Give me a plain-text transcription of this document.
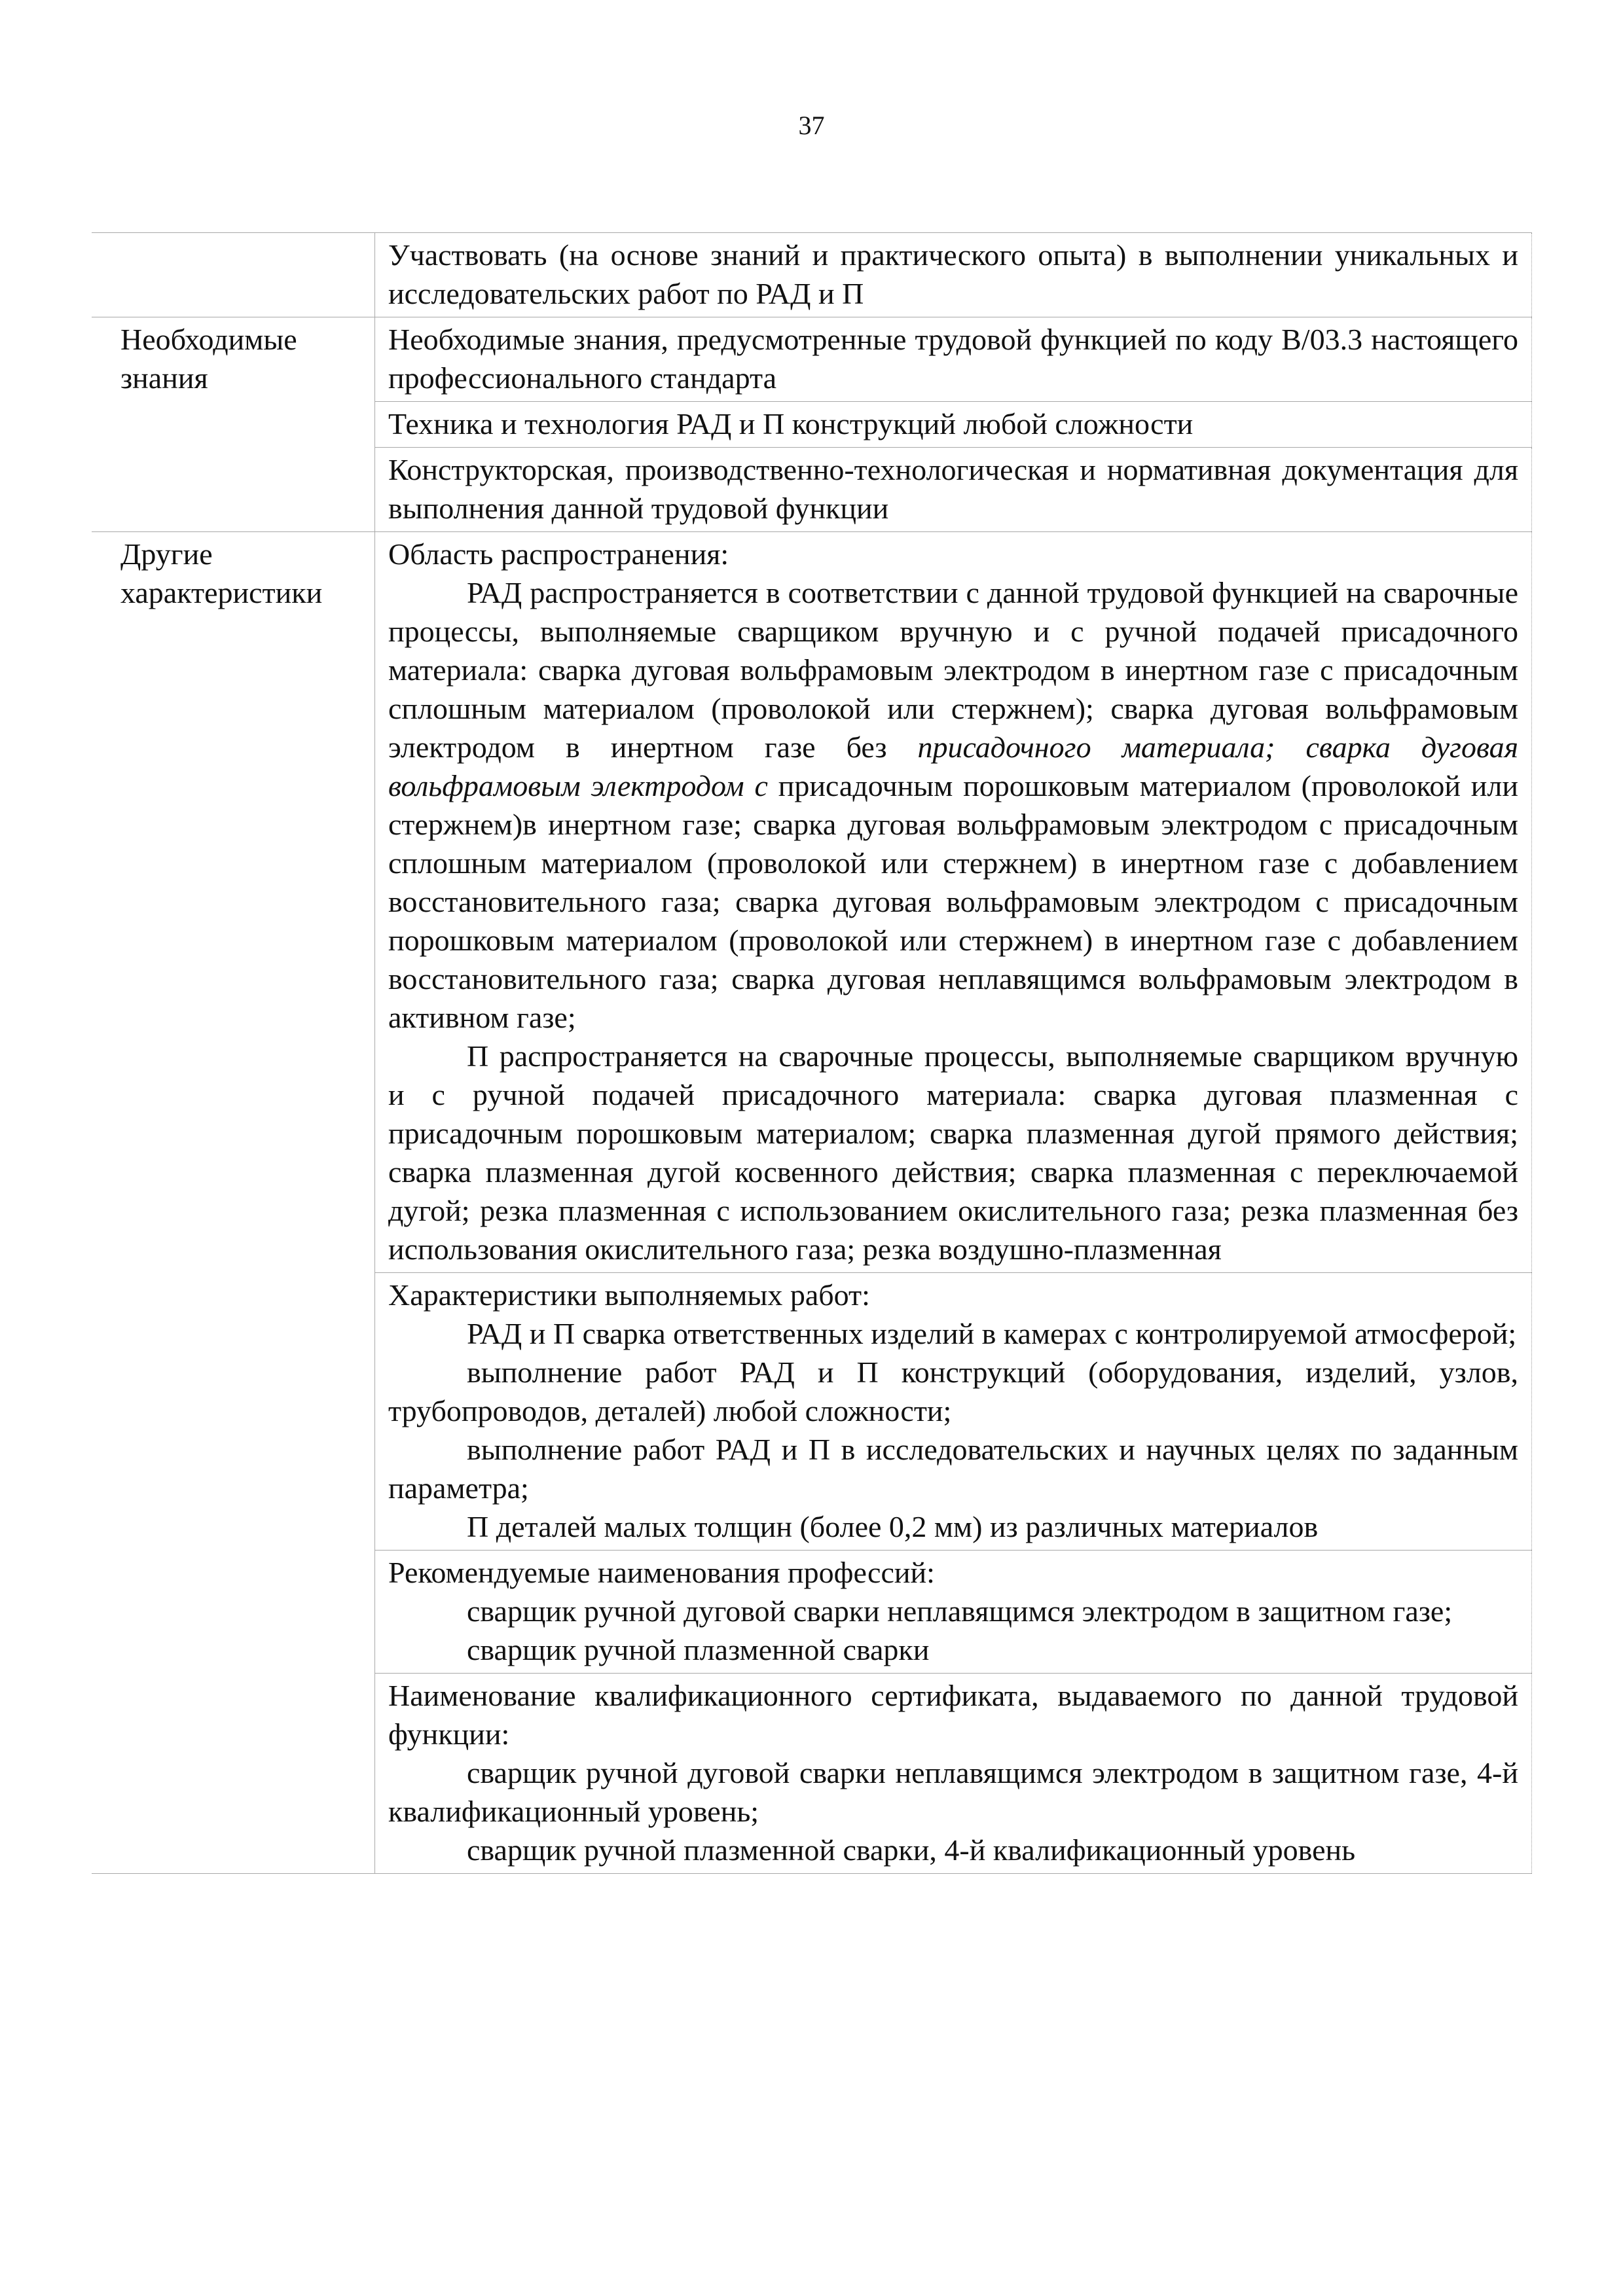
37

	Участвовать (на основе знаний и практического опыта) в выполнении уникальных и исследовательских работ по РАД и П

Необходимые знания	Необходимые знания, предусмотренные трудовой функцией по коду В/03.3 настоящего профессионального стандарта

	Техника и технология РАД и П конструкций любой сложности

	Конструкторская, производственно-технологическая и нормативная документация для выполнения данной трудовой функции

Другие характеристики	Область распространения:

РАД распространяется в соответствии с данной трудовой функцией на сварочные процессы, выполняемые сварщиком вручную и с ручной подачей присадочного материала: сварка дуговая вольфрамовым электродом в инертном газе с присадочным сплошным материалом (проволокой или стержнем); сварка дуговая вольфрамовым электродом в инертном газе без присадочного материала; сварка дуговая вольфрамовым электродом с присадочным порошковым материалом (проволокой или стержнем)в инертном газе; сварка дуговая вольфрамовым электродом с присадочным сплошным материалом (проволокой или стержнем) в инертном газе с добавлением восстановительного газа; сварка дуговая вольфрамовым электродом с присадочным порошковым материалом (проволокой или стержнем) в инертном газе с добавлением восстановительного газа; сварка дуговая неплавящимся вольфрамовым электродом в активном газе;

П распространяется на сварочные процессы, выполняемые сварщиком вручную и с ручной подачей присадочного материала: сварка дуговая плазменная с присадочным порошковым материалом; сварка плазменная дугой прямого действия; сварка плазменная дугой косвенного действия; сварка плазменная с переключаемой дугой; резка плазменная с использованием окислительного газа; резка плазменная без использования окислительного газа; резка воздушно-плазменная

	Характеристики выполняемых работ:

РАД и П сварка ответственных изделий в камерах с контролируемой атмосферой;

выполнение работ РАД и П конструкций (оборудования, изделий, узлов, трубопроводов, деталей) любой сложности;

выполнение работ РАД и П в исследовательских и научных целях по заданным параметра;

П деталей малых толщин (более 0,2 мм) из различных материалов

	Рекомендуемые наименования профессий:

сварщик ручной дуговой сварки неплавящимся электродом в защитном газе;

сварщик ручной плазменной сварки

	Наименование квалификационного сертификата, выдаваемого по данной трудовой функции:

сварщик ручной дуговой сварки неплавящимся электродом в защитном газе, 4-й квалификационный уровень;

сварщик ручной плазменной сварки, 4-й квалификационный уровень
